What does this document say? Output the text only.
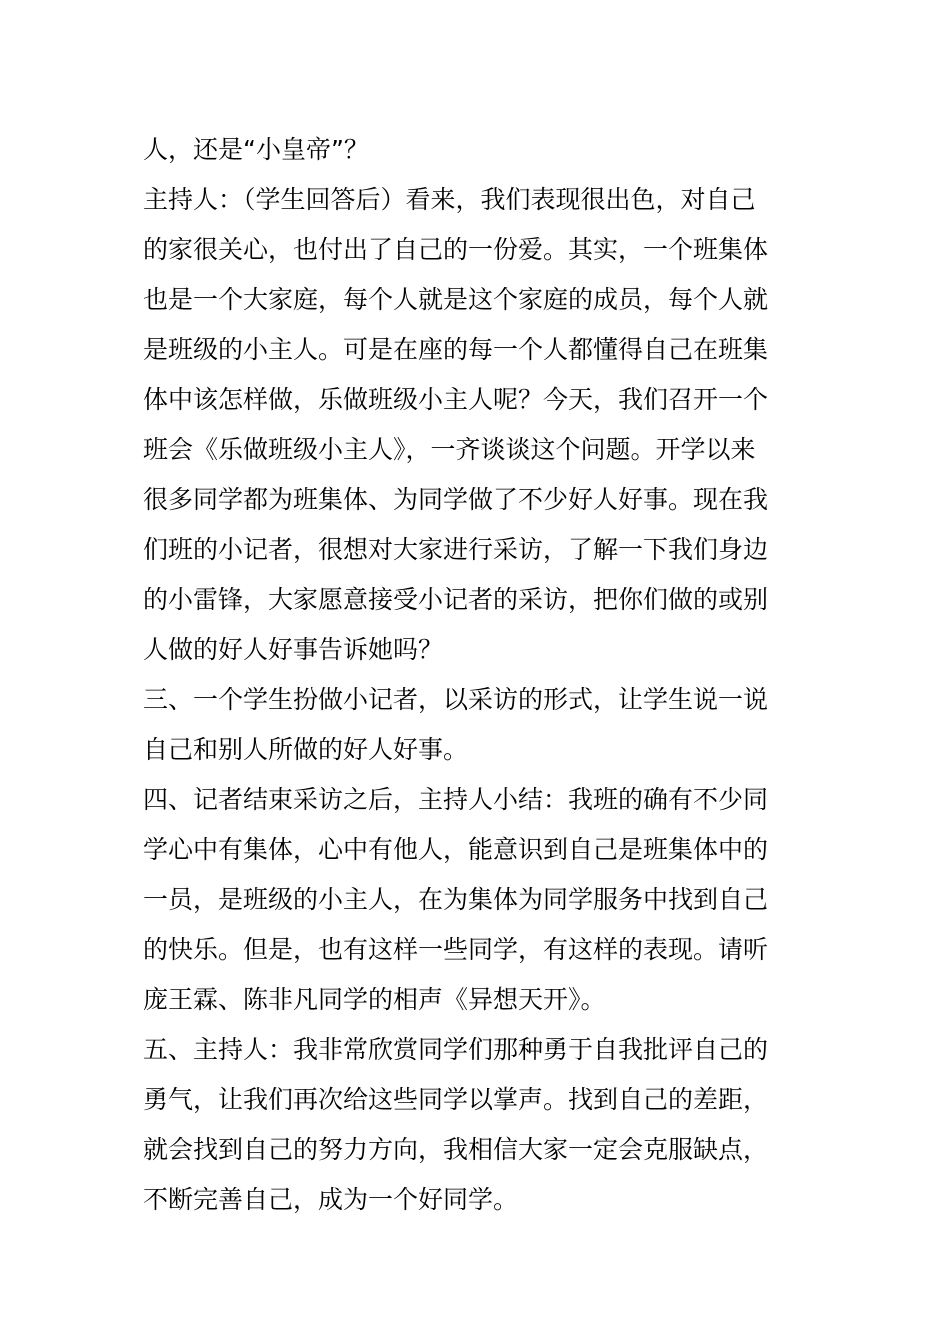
人，还是“小皇帝”？
主持人：（学生回答后）看来，我们表现很出色，对自己
的家很关心，也付出了自己的一份爱。其实，一个班集体
也是一个大家庭，每个人就是这个家庭的成员，每个人就
是班级的小主人。可是在座的每一个人都懂得自己在班集
体中该怎样做，乐做班级小主人呢？今天，我们召开一个
班会《乐做班级小主人》，一齐谈谈这个问题。开学以来
很多同学都为班集体、为同学做了不少好人好事。现在我
们班的小记者，很想对大家进行采访，了解一下我们身边
的小雷锋，大家愿意接受小记者的采访，把你们做的或别
人做的好人好事告诉她吗？
三、一个学生扮做小记者，以采访的形式，让学生说一说
自己和别人所做的好人好事。
四、记者结束采访之后，主持人小结：我班的确有不少同
学心中有集体，心中有他人，能意识到自己是班集体中的
一员，是班级的小主人，在为集体为同学服务中找到自己
的快乐。但是，也有这样一些同学，有这样的表现。请听
庞王霖、陈非凡同学的相声《异想天开》。
五、主持人：我非常欣赏同学们那种勇于自我批评自己的
勇气，让我们再次给这些同学以掌声。找到自己的差距，
就会找到自己的努力方向，我相信大家一定会克服缺点，
不断完善自己，成为一个好同学。
